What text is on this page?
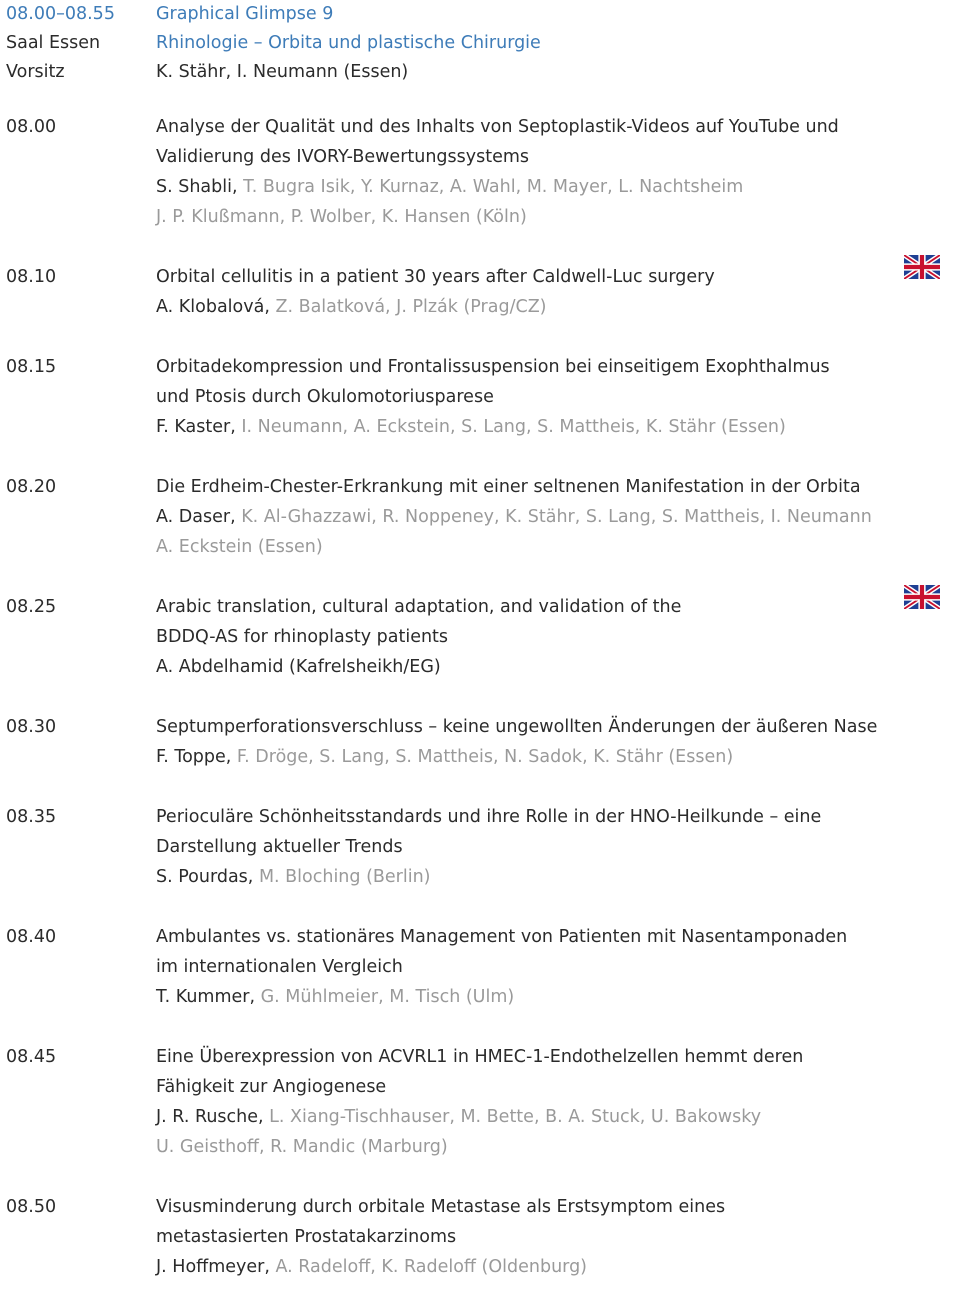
08.00–08.55	Graphical Glimpse 9
Saal Essen	Rhinologie – Orbita und plastische Chirurgie
Vorsitz	K. Stähr, I. Neumann (Essen)
08.00	Analyse der Qualität und des Inhalts von Septoplastik-Videos auf YouTube und
Validierung des IVORY-Bewertungssystems
S. Shabli, T. Bugra Isik, Y. Kurnaz, A. Wahl, M. Mayer, L. Nachtsheim
J. P. Klußmann, P. Wolber, K. Hansen (Köln)
08.10	Orbital cellulitis in a patient 30 years after Caldwell-Luc surgery
A. Klobalová, Z. Balatková, J. Plzák (Prag/CZ)
08.15	Orbitadekompression und Frontalissuspension bei einseitigem Exophthalmus
und Ptosis durch Okulomotoriusparese
F. Kaster, I. Neumann, A. Eckstein, S. Lang, S. Mattheis, K. Stähr (Essen)
08.20	Die Erdheim-Chester-Erkrankung mit einer seltnenen Manifestation in der Orbita
A. Daser, K. Al-Ghazzawi, R. Noppeney, K. Stähr, S. Lang, S. Mattheis, I. Neumann
A. Eckstein (Essen)
08.25	Arabic translation, cultural adaptation, and validation of the
BDDQ-AS for rhinoplasty patients
A. Abdelhamid (Kafrelsheikh/EG)
08.30	Septumperforationsverschluss – keine ungewollten Änderungen der äußeren Nase
F. Toppe, F. Dröge, S. Lang, S. Mattheis, N. Sadok, K. Stähr (Essen)
08.35	Perioculäre Schönheitsstandards und ihre Rolle in der HNO-Heilkunde – eine
Darstellung aktueller Trends
S. Pourdas, M. Bloching (Berlin)
08.40	Ambulantes vs. stationäres Management von Patienten mit Nasentamponaden
im internationalen Vergleich
T. Kummer, G. Mühlmeier, M. Tisch (Ulm)
08.45	Eine Überexpression von ACVRL1 in HMEC-1-Endothelzellen hemmt deren
Fähigkeit zur Angiogenese
J. R. Rusche, L. Xiang-Tischhauser, M. Bette, B. A. Stuck, U. Bakowsky
U. Geisthoff, R. Mandic (Marburg)
08.50	Visusminderung durch orbitale Metastase als Erstsymptom eines
metastasierten Prostatakarzinoms
J. Hoffmeyer, A. Radeloff, K. Radeloff (Oldenburg)
